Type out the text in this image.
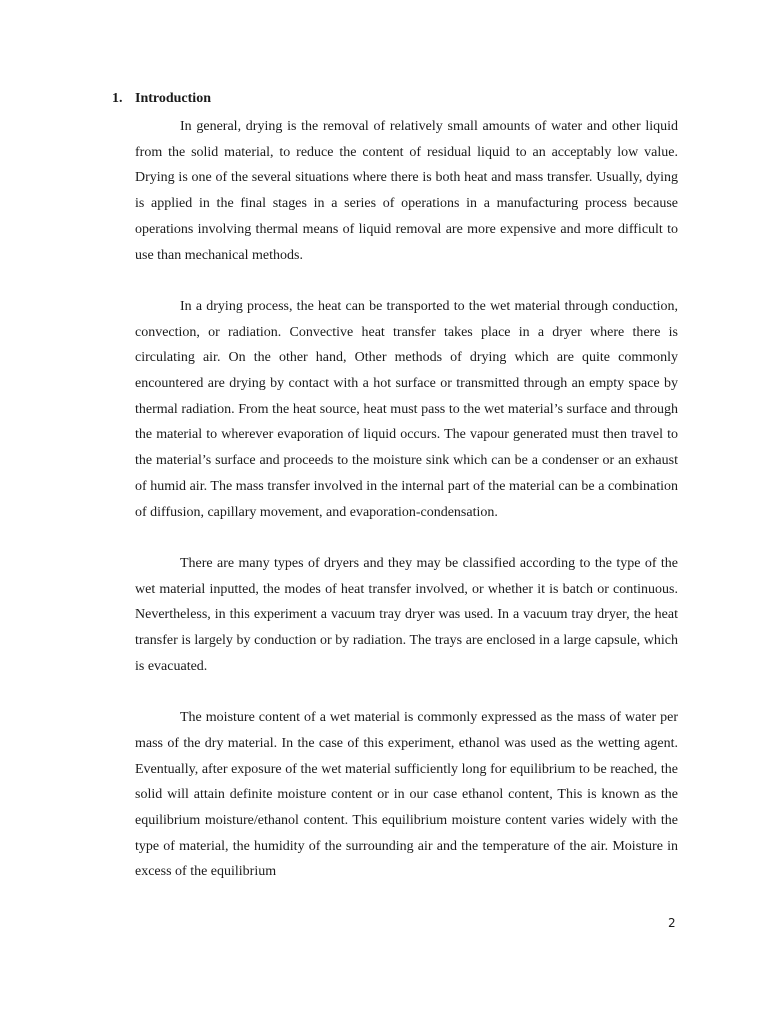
1. Introduction

In general, drying is the removal of relatively small amounts of water and other liquid from the solid material, to reduce the content of residual liquid to an acceptably low value. Drying is one of the several situations where there is both heat and mass transfer. Usually, dying is applied in the final stages in a series of operations in a manufacturing process because operations involving thermal means of liquid removal are more expensive and more difficult to use than mechanical methods.

In a drying process, the heat can be transported to the wet material through conduction, convection, or radiation. Convective heat transfer takes place in a dryer where there is circulating air. On the other hand, Other methods of drying which are quite commonly encountered are drying by contact with a hot surface or transmitted through an empty space by thermal radiation. From the heat source, heat must pass to the wet material’s surface and through the material to wherever evaporation of liquid occurs. The vapour generated must then travel to the material’s surface and proceeds to the moisture sink which can be a condenser or an exhaust of humid air. The mass transfer involved in the internal part of the material can be a combination of diffusion, capillary movement, and evaporation-condensation.

There are many types of dryers and they may be classified according to the type of the wet material inputted, the modes of heat transfer involved, or whether it is batch or continuous. Nevertheless, in this experiment a vacuum tray dryer was used. In a vacuum tray dryer, the heat transfer is largely by conduction or by radiation. The trays are enclosed in a large capsule, which is evacuated.

The moisture content of a wet material is commonly expressed as the mass of water per mass of the dry material. In the case of this experiment, ethanol was used as the wetting agent. Eventually, after exposure of the wet material sufficiently long for equilibrium to be reached, the solid will attain definite moisture content or in our case ethanol content, This is known as the equilibrium moisture/ethanol content. This equilibrium moisture content varies widely with the type of material, the humidity of the surrounding air and the temperature of the air. Moisture in excess of the equilibrium

2
